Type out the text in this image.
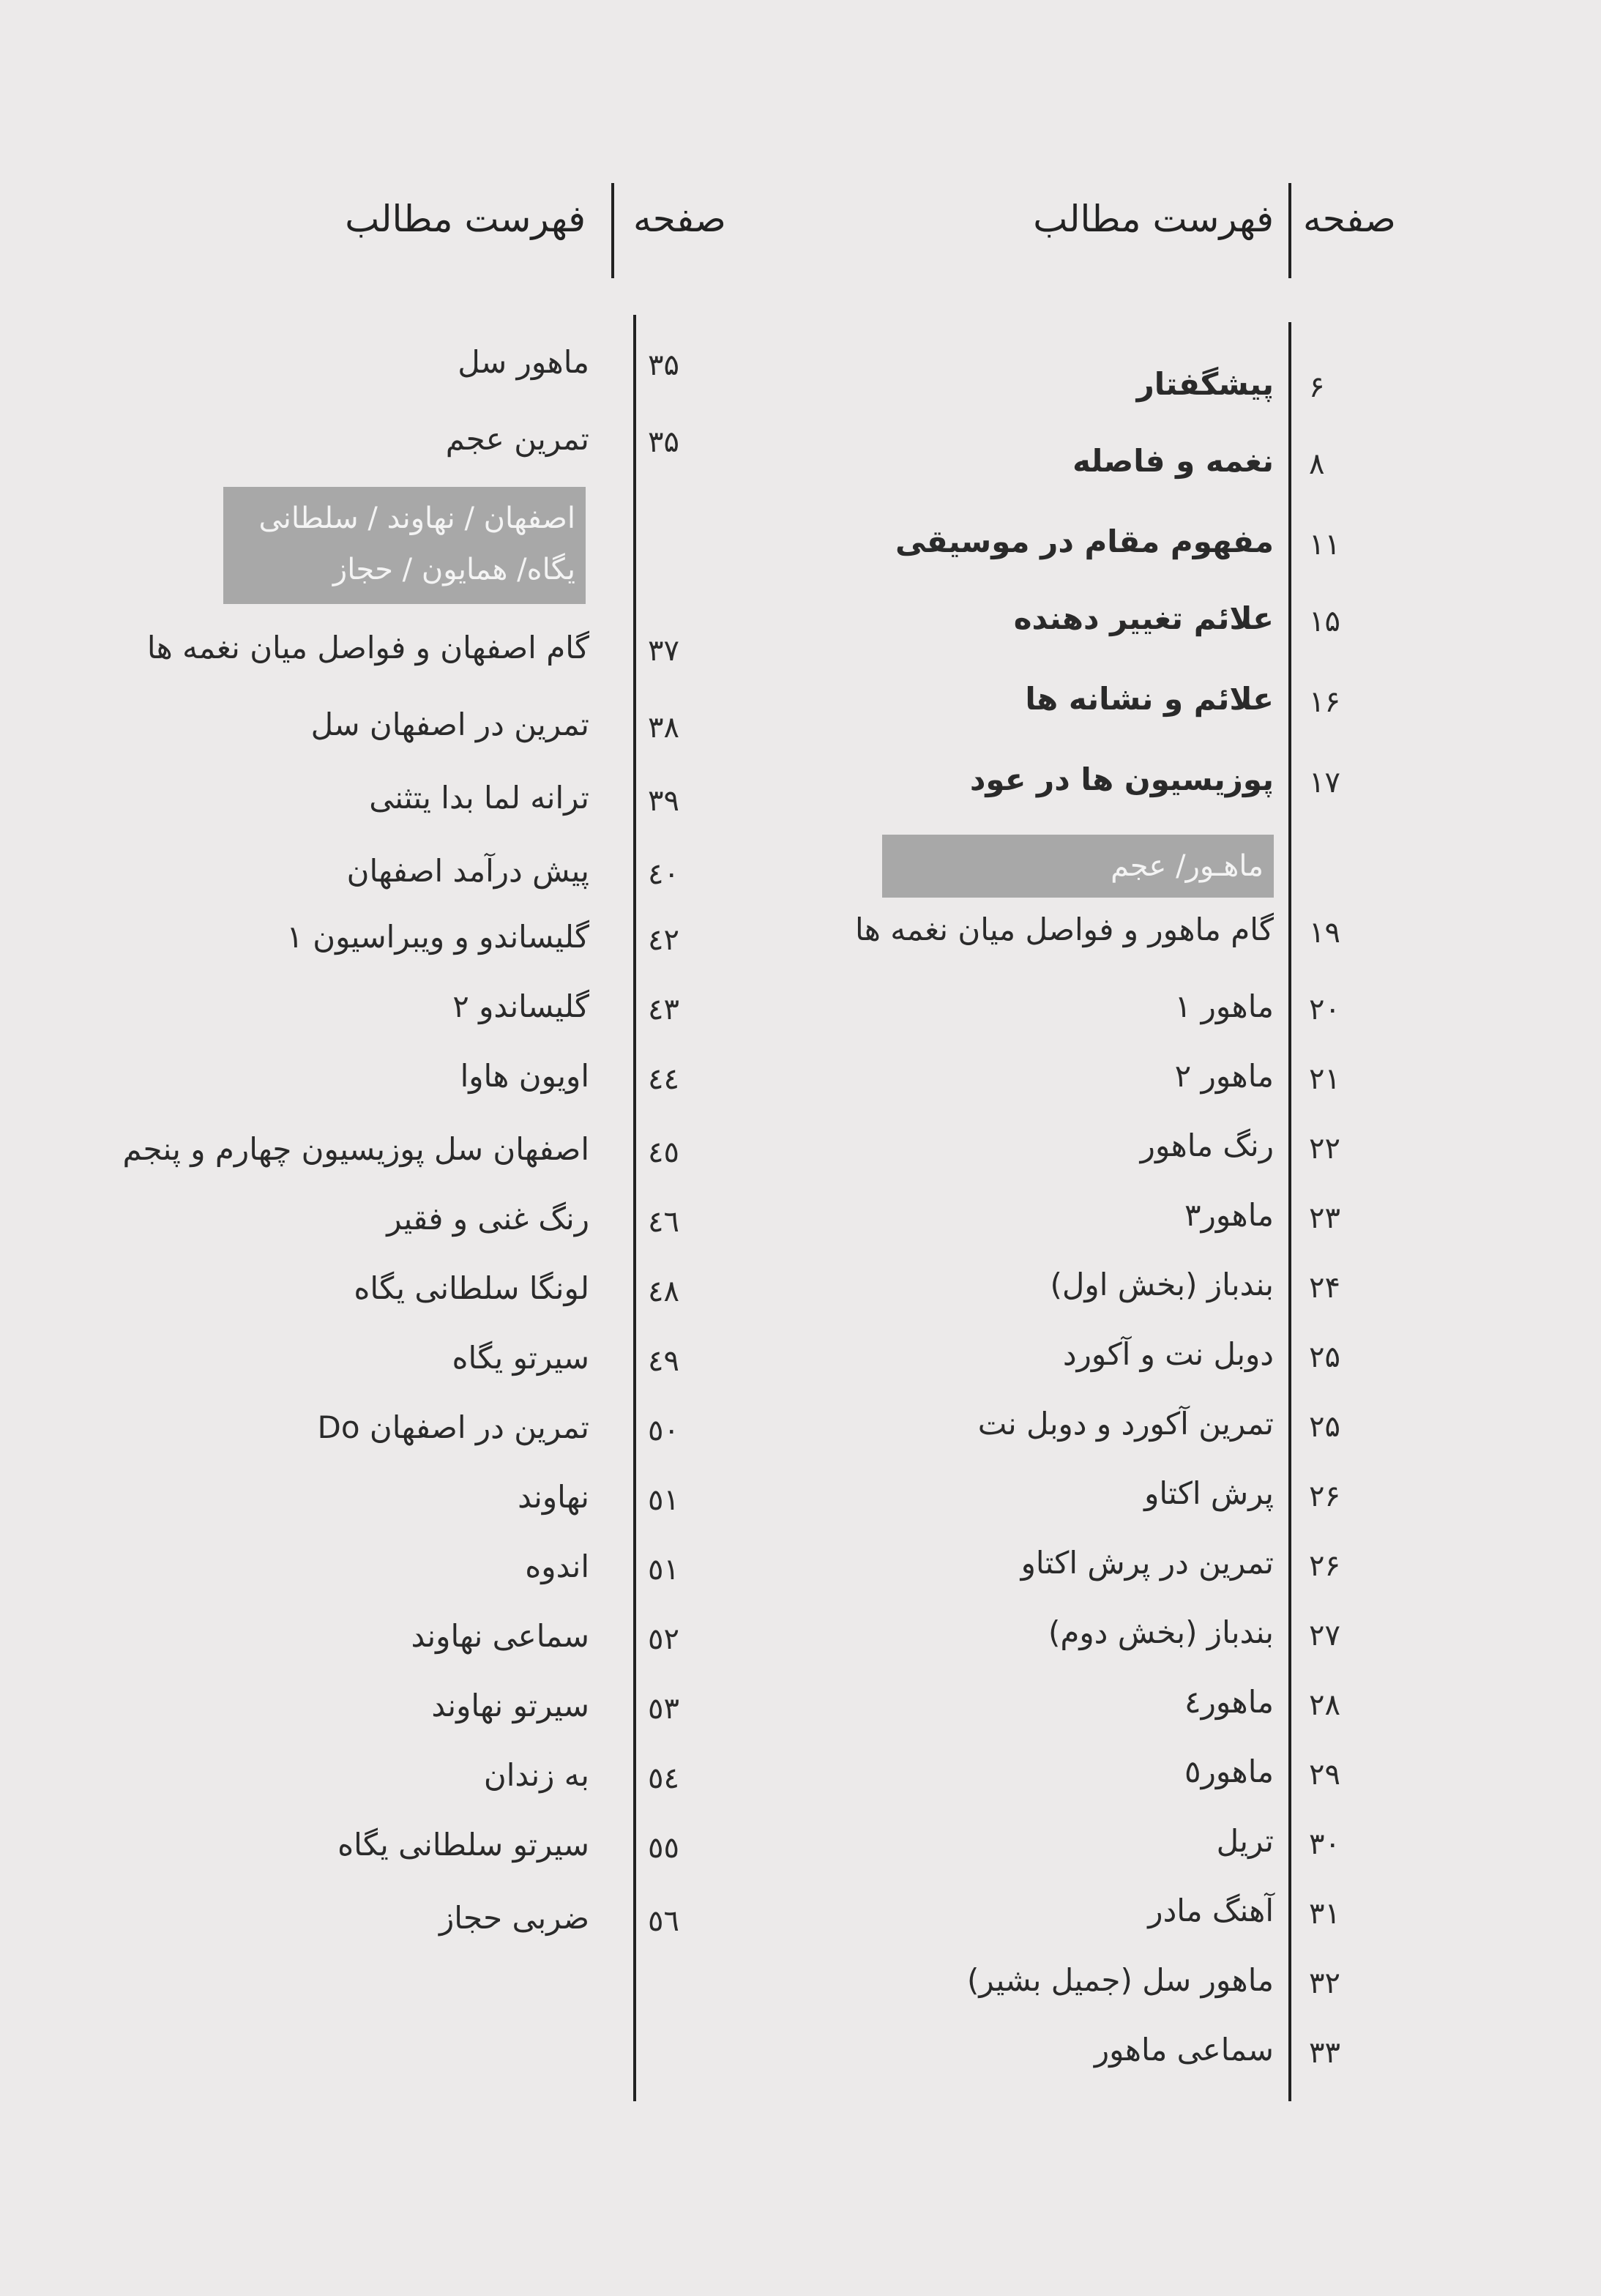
فهرست مطالب صفحه
ماهـور/ عجم
پیشگفتار ۶
نغمه و فاصله ۸
مفهوم مقام در موسیقی ۱۱
علائم تغییر دهنده ۱۵
علائم و نشانه ها ۱۶
پوزیسیون ها در عود ۱۷
گام ماهور و فواصل میان نغمه ها ۱۹
ماهور ۱ ۲۰
ماهور ۲ ۲۱
رنگ ماهور ۲۲
ماهور۳ ۲۳
بندباز (بخش اول) ۲۴
دوبل نت و آکورد ۲۵
تمرین آکورد و دوبل نت ۲۵
پرش اکتاو ۲۶
تمرین در پرش اکتاو ۲۶
بندباز (بخش دوم) ۲۷
ماهور٤ ۲۸
ماهور٥ ۲۹
تریل ۳۰
آهنگ مادر ۳۱
ماهور سل (جمیل بشیر) ۳۲
سماعی ماهور ۳۳
فهرست مطالب صفحه
اصفهان / نهاوند / سلطانی
یگاه/ همایون / حجاز
ماهور سل ۳۵
تمرین عجم ۳۵
گام اصفهان و فواصل میان نغمه ها ۳۷
تمرین در اصفهان سل ۳۸
ترانه لما بدا یتثنی ۳۹
پیش درآمد اصفهان ٤٠
گلیساندو و ویبراسیون ۱ ٤٢
گلیساندو ۲ ٤٣
اویون هاوا ٤٤
اصفهان سل پوزیسیون چهارم و پنجم ٤٥
رنگ غنی و فقیر ٤٦
لونگا سلطانی یگاه ٤٨
سیرتو یگاه ٤٩
تمرین در اصفهان Do ٥٠
نهاوند ٥١
اندوه ٥١
سماعی نهاوند ٥٢
سیرتو نهاوند ٥٣
به زندان ٥٤
سیرتو سلطانی یگاه ٥٥
ضربی حجاز ٥٦
